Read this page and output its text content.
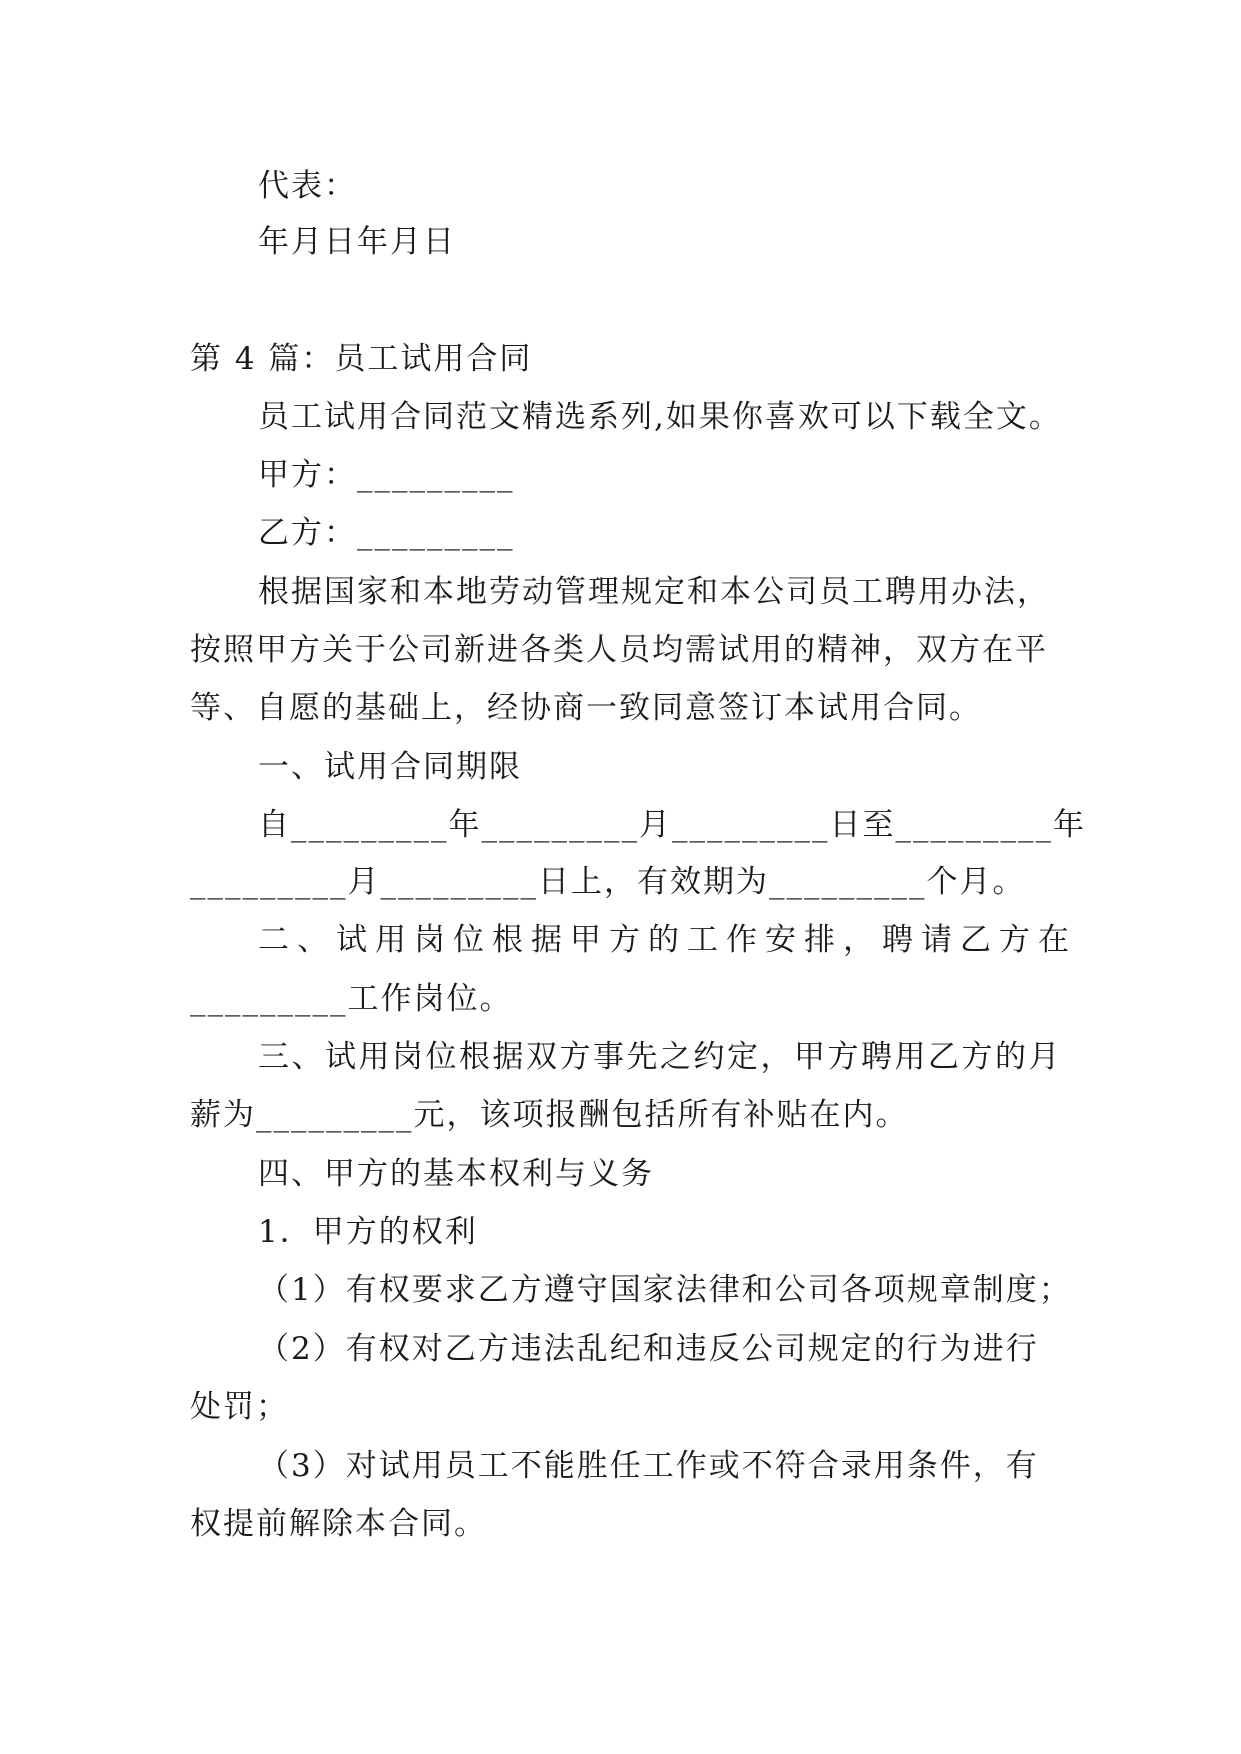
代表：

年月日年月日

第 4 篇：员工试用合同

员工试用合同范文精选系列,如果你喜欢可以下载全文。

甲方：_________

乙方：_________

根据国家和本地劳动管理规定和本公司员工聘用办法，

按照甲方关于公司新进各类人员均需试用的精神，双方在平

等、自愿的基础上，经协商一致同意签订本试用合同。

一、试用合同期限

自_________年_________月_________日至_________年

_________月_________日上，有效期为_________个月。

二、试用岗位根据甲方的工作安排，聘请乙方在

_________工作岗位。

三、试用岗位根据双方事先之约定，甲方聘用乙方的月

薪为_________元，该项报酬包括所有补贴在内。

四、甲方的基本权利与义务

1．甲方的权利

（1）有权要求乙方遵守国家法律和公司各项规章制度；

（2）有权对乙方违法乱纪和违反公司规定的行为进行

处罚；

（3）对试用员工不能胜任工作或不符合录用条件，有

权提前解除本合同。
